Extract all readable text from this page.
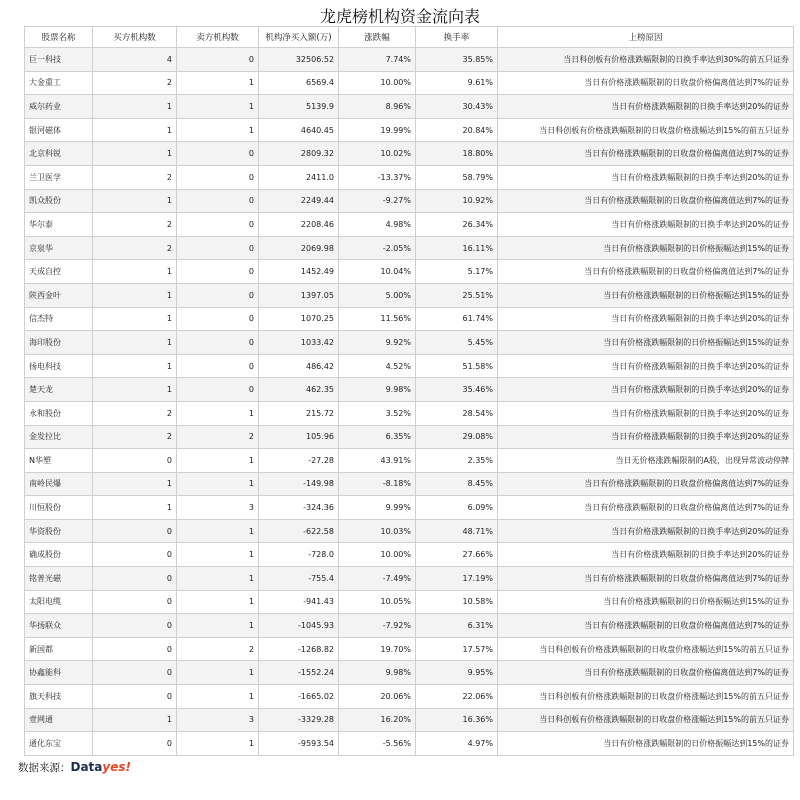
龙虎榜机构资金流向表
股票名称	买方机构数	卖方机构数	机构净买入额(万)	涨跌幅	换手率	上榜原因
巨一科技	4	0	32506.52	7.74%	35.85%	当日科创板有价格涨跌幅限制的日换手率达到30%的前五只证券
大金重工	2	1	6569.4	10.00%	9.61%	当日有价格涨跌幅限制的日收盘价格偏离值达到7%的证券
威尔药业	1	1	5139.9	8.96%	30.43%	当日有价格涨跌幅限制的日换手率达到20%的证券
银河磁体	1	1	4640.45	19.99%	20.84%	当日科创板有价格涨跌幅限制的日收盘价格涨幅达到15%的前五只证券
北京科锐	1	0	2809.32	10.02%	18.80%	当日有价格涨跌幅限制的日收盘价格偏离值达到7%的证券
兰卫医学	2	0	2411.0	-13.37%	58.79%	当日有价格涨跌幅限制的日换手率达到20%的证券
凯众股份	1	0	2249.44	-9.27%	10.92%	当日有价格涨跌幅限制的日收盘价格偏离值达到7%的证券
华尔泰	2	0	2208.46	4.98%	26.34%	当日有价格涨跌幅限制的日换手率达到20%的证券
京泉华	2	0	2069.98	-2.05%	16.11%	当日有价格涨跌幅限制的日价格振幅达到15%的证券
天成自控	1	0	1452.49	10.04%	5.17%	当日有价格涨跌幅限制的日收盘价格偏离值达到7%的证券
陕西金叶	1	0	1397.05	5.00%	25.51%	当日有价格涨跌幅限制的日价格振幅达到15%的证券
信杰特	1	0	1070.25	11.56%	61.74%	当日有价格涨跌幅限制的日换手率达到20%的证券
海印股份	1	0	1033.42	9.92%	5.45%	当日有价格涨跌幅限制的日价格振幅达到15%的证券
扬电科技	1	0	486.42	4.52%	51.58%	当日有价格涨跌幅限制的日换手率达到20%的证券
楚天龙	1	0	462.35	9.98%	35.46%	当日有价格涨跌幅限制的日换手率达到20%的证券
永和股份	2	1	215.72	3.52%	28.54%	当日有价格涨跌幅限制的日换手率达到20%的证券
金发拉比	2	2	105.96	6.35%	29.08%	当日有价格涨跌幅限制的日换手率达到20%的证券
N华塑	0	1	-27.28	43.91%	2.35%	当日无价格涨跌幅限制的A股，出现异常波动停牌
南岭民爆	1	1	-149.98	-8.18%	8.45%	当日有价格涨跌幅限制的日收盘价格偏离值达到7%的证券
川恒股份	1	3	-324.36	9.99%	6.09%	当日有价格涨跌幅限制的日收盘价格偏离值达到7%的证券
华资股份	0	1	-622.58	10.03%	48.71%	当日有价格涨跌幅限制的日换手率达到20%的证券
确成股份	0	1	-728.0	10.00%	27.66%	当日有价格涨跌幅限制的日换手率达到20%的证券
铭普光磁	0	1	-755.4	-7.49%	17.19%	当日有价格涨跌幅限制的日收盘价格偏离值达到7%的证券
太阳电缆	0	1	-941.43	10.05%	10.58%	当日有价格涨跌幅限制的日价格振幅达到15%的证券
华扬联众	0	1	-1045.93	-7.92%	6.31%	当日有价格涨跌幅限制的日收盘价格偏离值达到7%的证券
新国都	0	2	-1268.82	19.70%	17.57%	当日科创板有价格涨跌幅限制的日收盘价格涨幅达到15%的前五只证券
协鑫能科	0	1	-1552.24	9.98%	9.95%	当日有价格涨跌幅限制的日收盘价格偏离值达到7%的证券
旗天科技	0	1	-1665.02	20.06%	22.06%	当日科创板有价格涨跌幅限制的日收盘价格涨幅达到15%的前五只证券
壹网通	1	3	-3329.28	16.20%	16.36%	当日科创板有价格涨跌幅限制的日收盘价格涨幅达到15%的前五只证券
通化东宝	0	1	-9593.54	-5.56%	4.97%	当日有价格涨跌幅限制的日价格振幅达到15%的证券
数据来源：Datayes!
